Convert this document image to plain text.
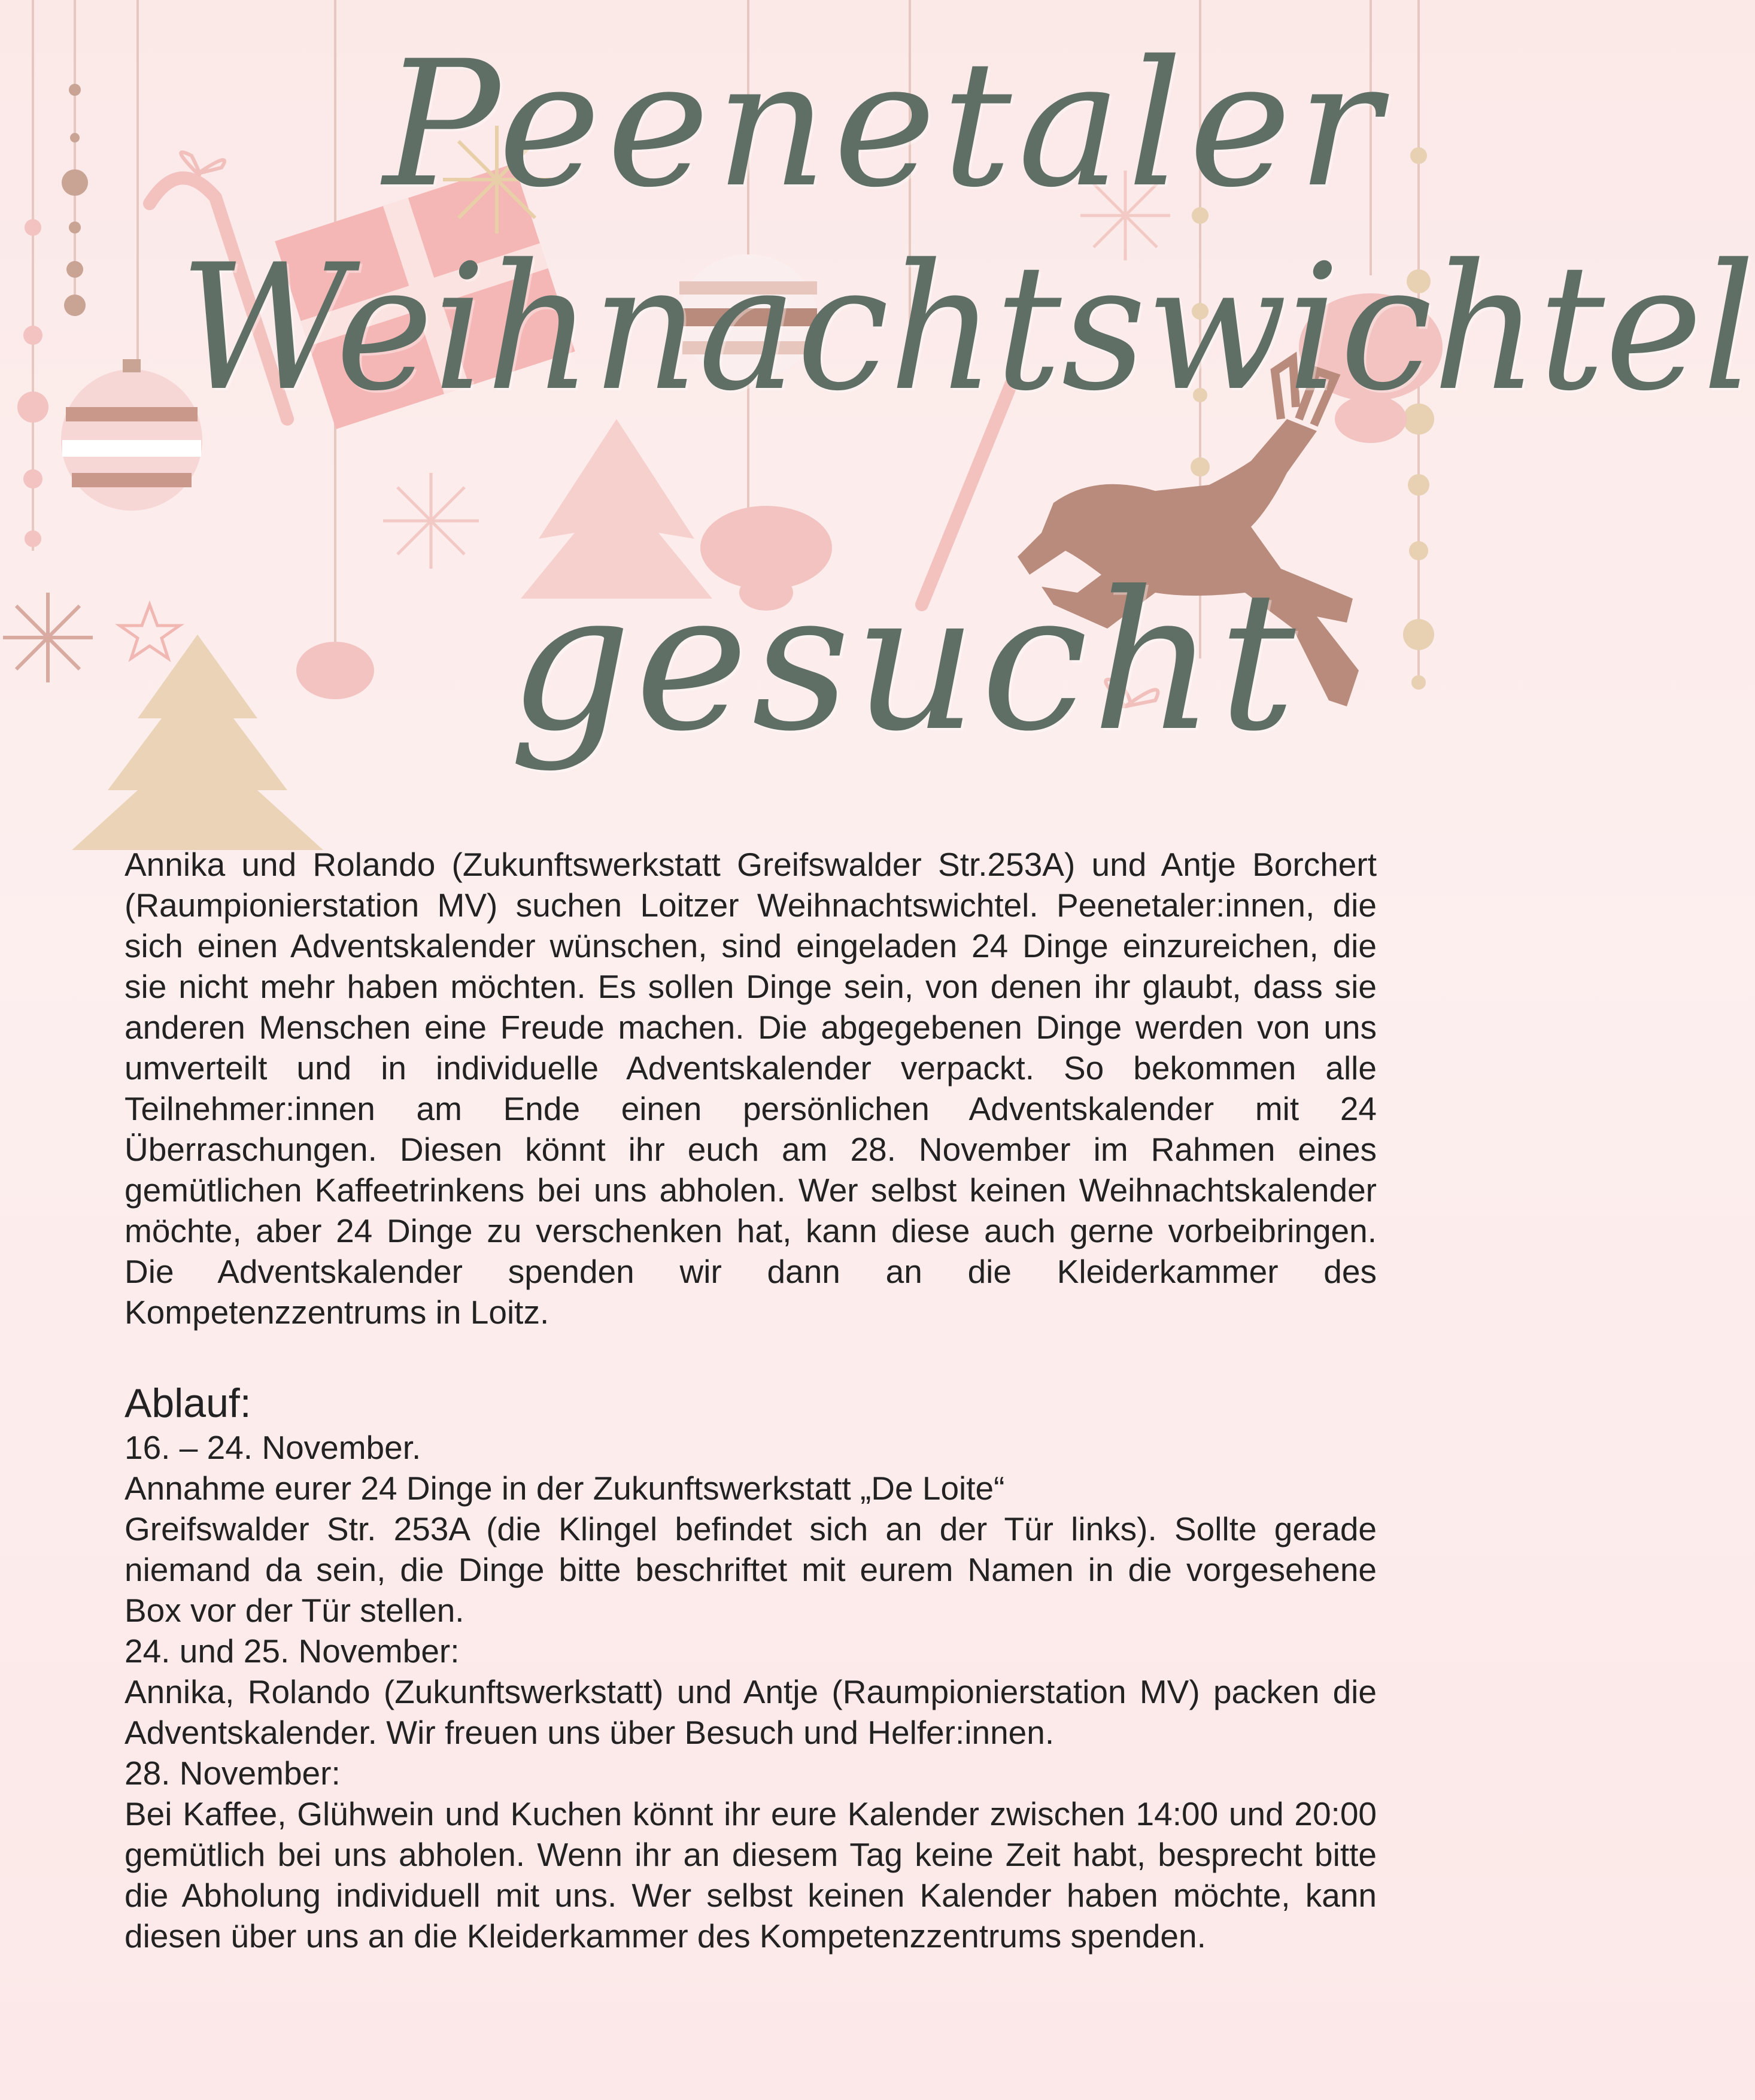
Peenetaler
Weihnachtswichtel
gesucht

Annika und Rolando (Zukunftswerkstatt Greifswalder Str.253A) und Antje Borchert (Raumpionierstation MV) suchen Loitzer Weihnachtswichtel. Peenetaler:innen, die sich einen Adventskalender wünschen, sind eingeladen 24 Dinge einzureichen, die sie nicht mehr haben möchten. Es sollen Dinge sein, von denen ihr glaubt, dass sie anderen Menschen eine Freude machen. Die abgegebenen Dinge werden von uns umverteilt und in individuelle Adventskalender verpackt. So bekommen alle Teilnehmer:innen am Ende einen persönlichen Adventskalender mit 24 Überraschungen. Diesen könnt ihr euch am 28. November im Rahmen eines gemütlichen Kaffeetrinkens bei uns abholen. Wer selbst keinen Weihnachtskalender möchte, aber 24 Dinge zu verschenken hat, kann diese auch gerne vorbeibringen. Die Adventskalender spenden wir dann an die Kleiderkammer des Kompetenzzentrums in Loitz.

Ablauf:

16. – 24. November.

Annahme eurer 24 Dinge in der Zukunftswerkstatt „De Loite“

Greifswalder Str. 253A (die Klingel befindet sich an der Tür links). Sollte gerade niemand da sein, die Dinge bitte beschriftet mit eurem Namen in die vorgesehene Box vor der Tür stellen.

24. und 25. November:

Annika, Rolando (Zukunftswerkstatt) und Antje (Raumpionierstation MV) packen die Adventskalender. Wir freuen uns über Besuch und Helfer:innen.

28. November:

Bei Kaffee, Glühwein und Kuchen könnt ihr eure Kalender zwischen 14:00 und 20:00 gemütlich bei uns abholen. Wenn ihr an diesem Tag keine Zeit habt, besprecht bitte die Abholung individuell mit uns. Wer selbst keinen Kalender haben möchte, kann diesen über uns an die Kleiderkammer des Kompetenzzentrums spenden.
